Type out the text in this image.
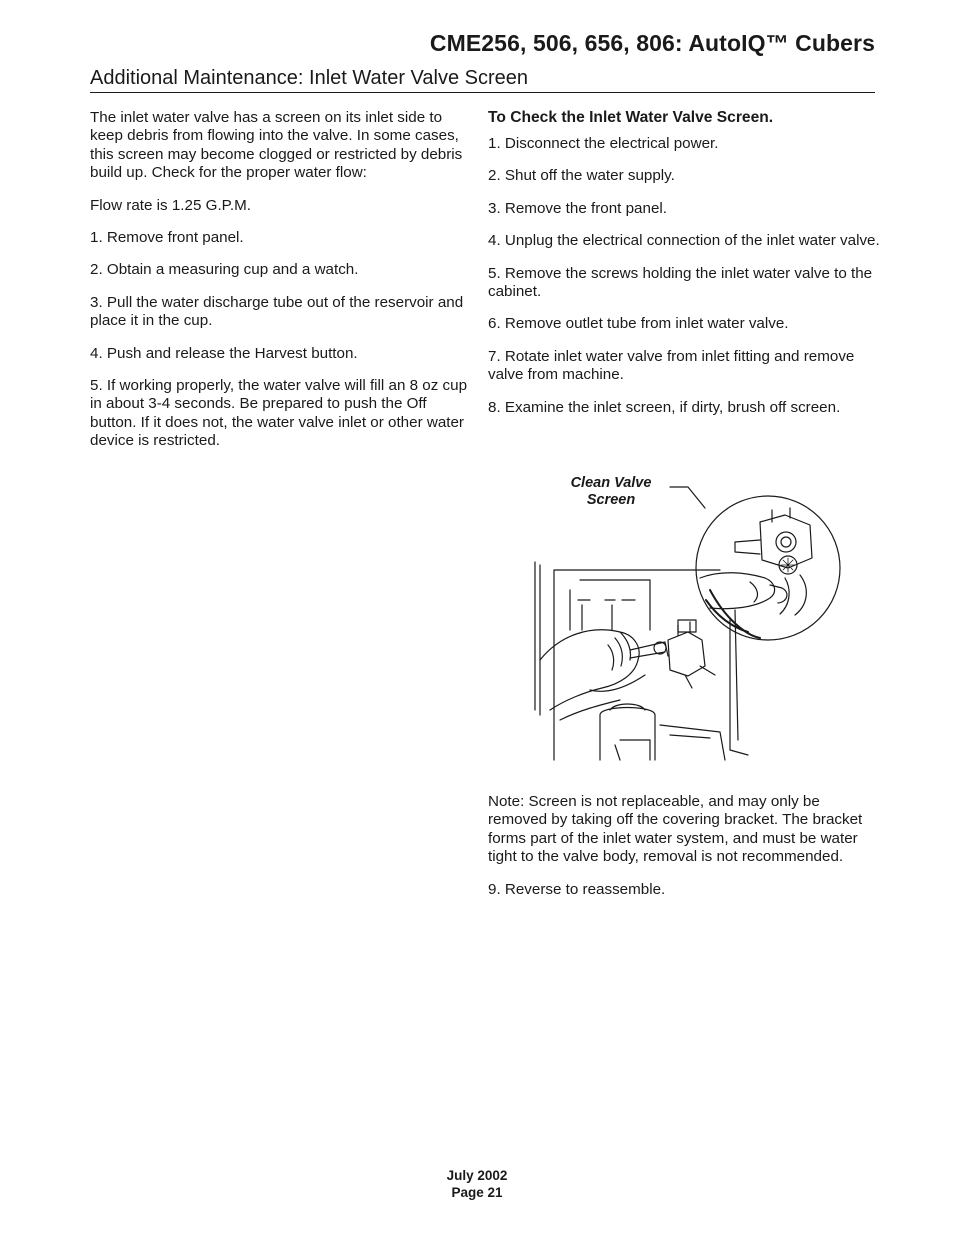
CME256, 506, 656, 806: AutoIQ™ Cubers
Additional Maintenance: Inlet Water Valve Screen

The inlet water valve has a screen on its inlet side to keep debris from flowing into the valve. In some cases, this screen may become clogged or restricted by debris build up. Check for the proper water flow:

Flow rate is 1.25 G.P.M.

1. Remove front panel.

2. Obtain a measuring cup and a watch.

3. Pull the water discharge tube out of the reservoir and place it in the cup.

4. Push and release the Harvest button.

5. If working properly, the water valve will fill an 8 oz cup in about 3-4 seconds. Be prepared to push the Off button. If it does not, the water valve inlet or other water device is restricted.

To Check the Inlet Water Valve Screen.

1. Disconnect the electrical power.

2. Shut off the water supply.

3. Remove the front panel.

4. Unplug the electrical connection of the inlet water valve.

5. Remove the screws holding the inlet water valve to the cabinet.

6. Remove outlet tube from inlet water valve.

7. Rotate inlet water valve from inlet fitting and remove valve from machine.

8. Examine the inlet screen, if dirty, brush off screen.

Clean Valve Screen

Note: Screen is not replaceable, and may only be removed by taking off the covering bracket. The bracket forms part of the inlet water system, and must be water tight to the valve body, removal is not recommended.

9. Reverse to reassemble.

July 2002
Page 21
